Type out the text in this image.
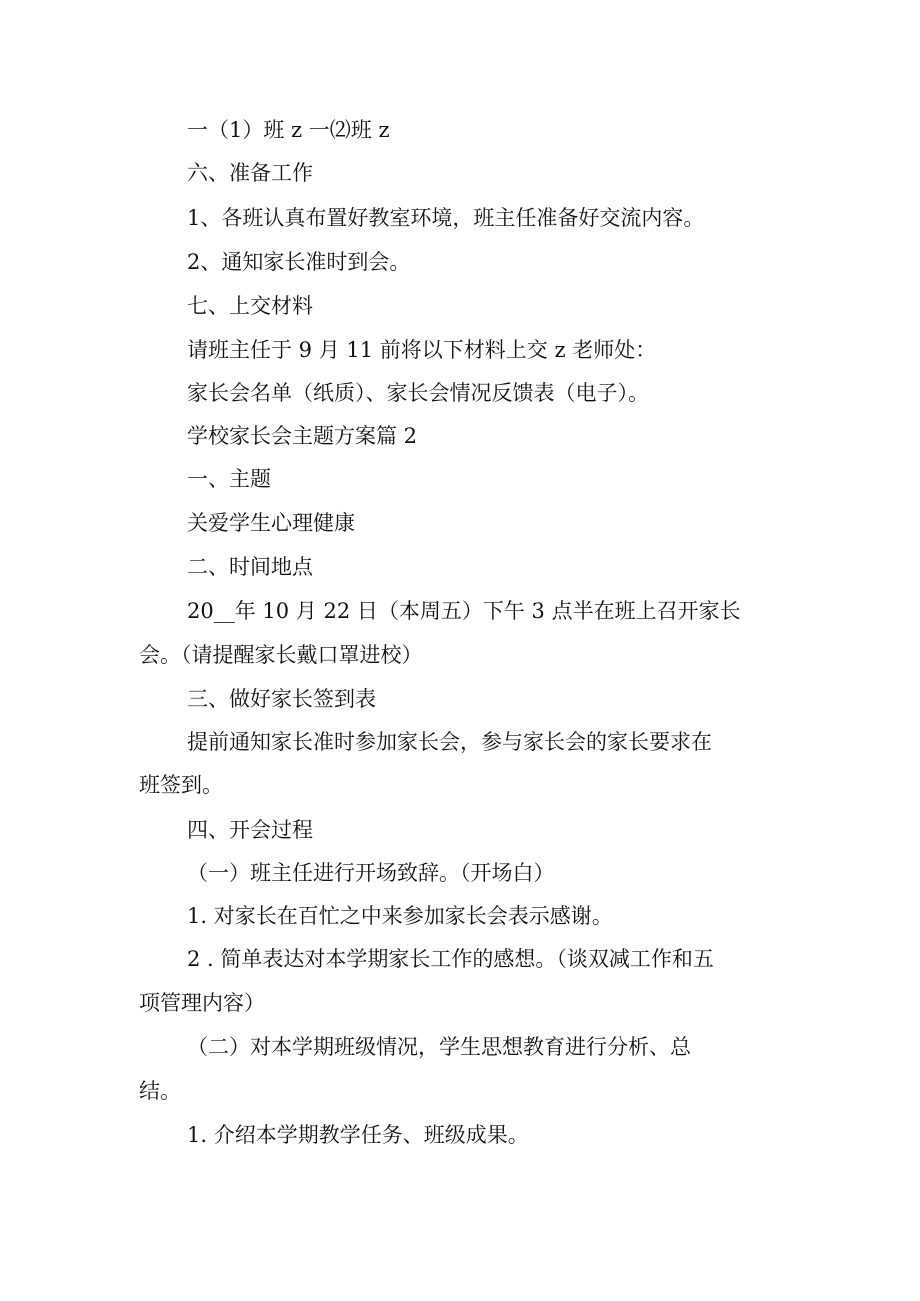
一（1）班 z 一⑵班 z
六、准备工作
1、各班认真布置好教室环境，班主任准备好交流内容。
2、通知家长准时到会。
七、上交材料
请班主任于 9 月 11 前将以下材料上交 z 老师处：
家长会名单（纸质）、家长会情况反馈表（电子）。
学校家长会主题方案篇 2
一、主题
关爱学生心理健康
二、时间地点
20__年 10 月 22 日（本周五）下午 3 点半在班上召开家长
会。（请提醒家长戴口罩进校）
三、做好家长签到表
提前通知家长准时参加家长会，参与家长会的家长要求在
班签到。
四、开会过程
（一）班主任进行开场致辞。（开场白）
1. 对家长在百忙之中来参加家长会表示感谢。
2 . 简单表达对本学期家长工作的感想。（谈双减工作和五
项管理内容）
（二）对本学期班级情况，学生思想教育进行分析、总
结。
1. 介绍本学期教学任务、班级成果。
